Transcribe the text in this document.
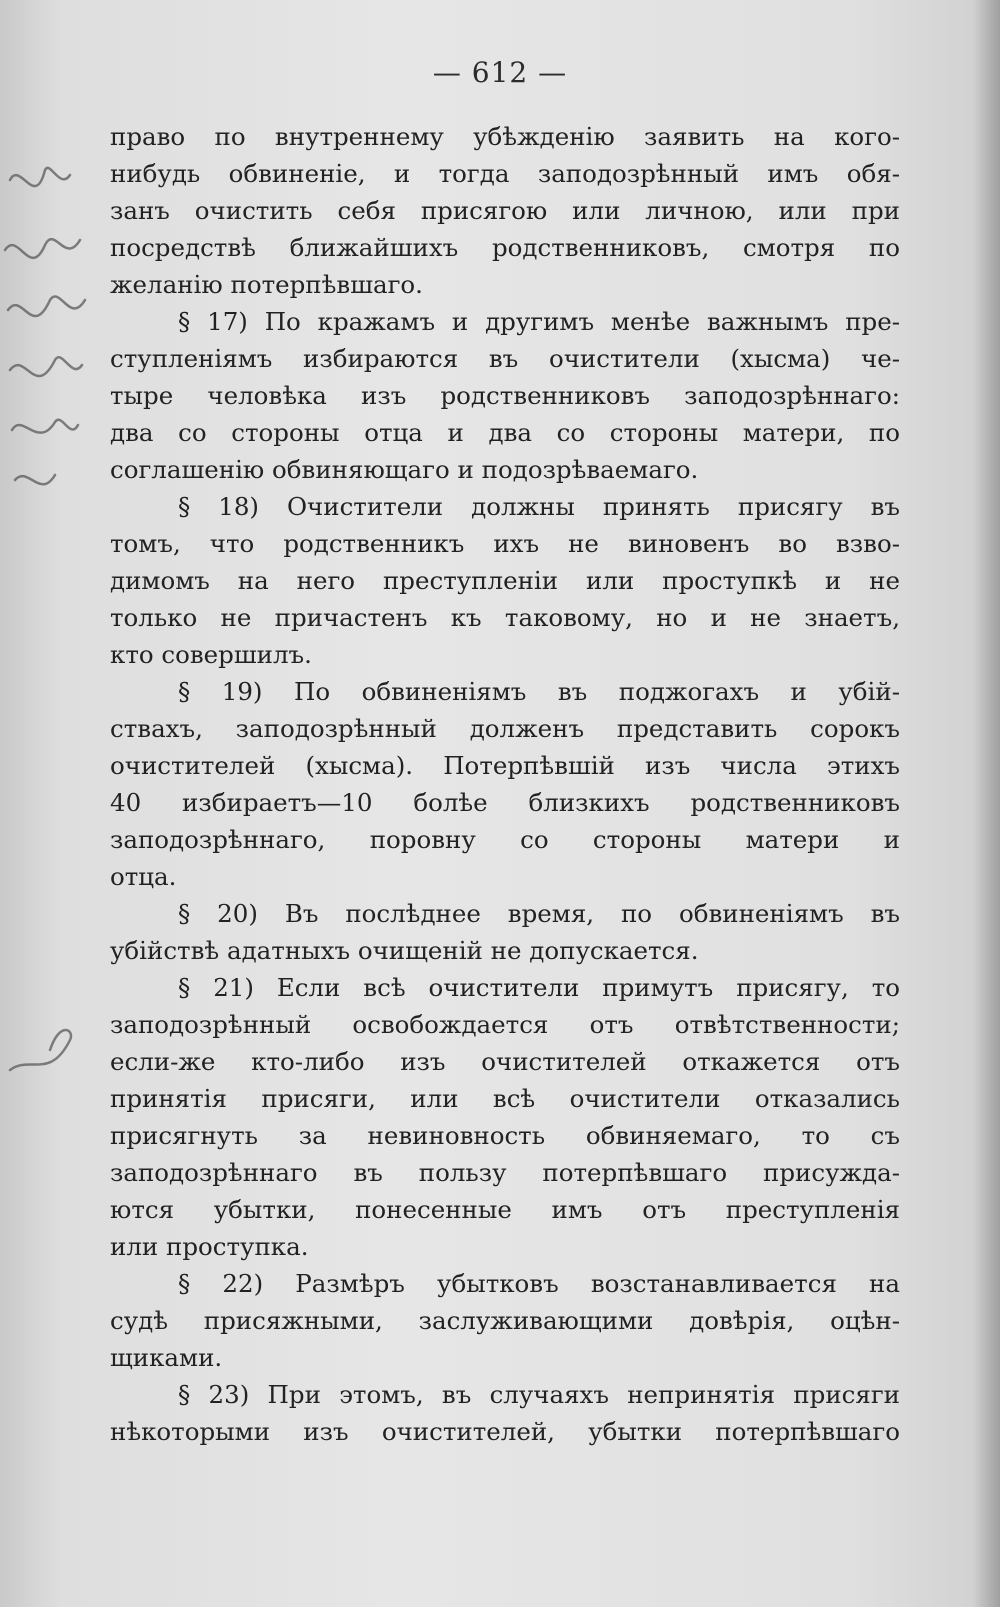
— 612 —

право по внутреннему убѣжденію заявить на кого-
нибудь обвиненіе, и тогда заподозрѣнный имъ обя-
занъ очистить себя присягою или личною, или при
посредствѣ ближайшихъ родственниковъ, смотря по
желанію потерпѣвшаго.

§ 17) По кражамъ и другимъ менѣе важнымъ пре-
ступленіямъ избираются въ очистители (хысма) че-
тыре человѣка изъ родственниковъ заподозрѣннаго:
два со стороны отца и два со стороны матери, по
соглашенію обвиняющаго и подозрѣваемаго.

§ 18) Очистители должны принять присягу въ
томъ, что родственникъ ихъ не виновенъ во взво-
димомъ на него преступленіи или проступкѣ и не
только не причастенъ къ таковому, но и не знаетъ,
кто совершилъ.

§ 19) По обвиненіямъ въ поджогахъ и убій-
ствахъ, заподозрѣнный долженъ представить сорокъ
очистителей (хысма). Потерпѣвшій изъ числа этихъ
40 избираетъ—10 болѣе близкихъ родственниковъ
заподозрѣннаго, поровну со стороны матери и
отца.

§ 20) Въ послѣднее время, по обвиненіямъ въ
убійствѣ адатныхъ очищеній не допускается.

§ 21) Если всѣ очистители примутъ присягу, то
заподозрѣнный освобождается отъ отвѣтственности;
если-же кто-либо изъ очистителей откажется отъ
принятія присяги, или всѣ очистители отказались
присягнуть за невиновность обвиняемаго, то съ
заподозрѣннаго въ пользу потерпѣвшаго присужда-
ются убытки, понесенные имъ отъ преступленія
или проступка.

§ 22) Размѣръ убытковъ возстанавливается на
судѣ присяжными, заслуживающими довѣрія, оцѣн-
щиками.

§ 23) При этомъ, въ случаяхъ непринятія присяги
нѣкоторыми изъ очистителей, убытки потерпѣвшаго
